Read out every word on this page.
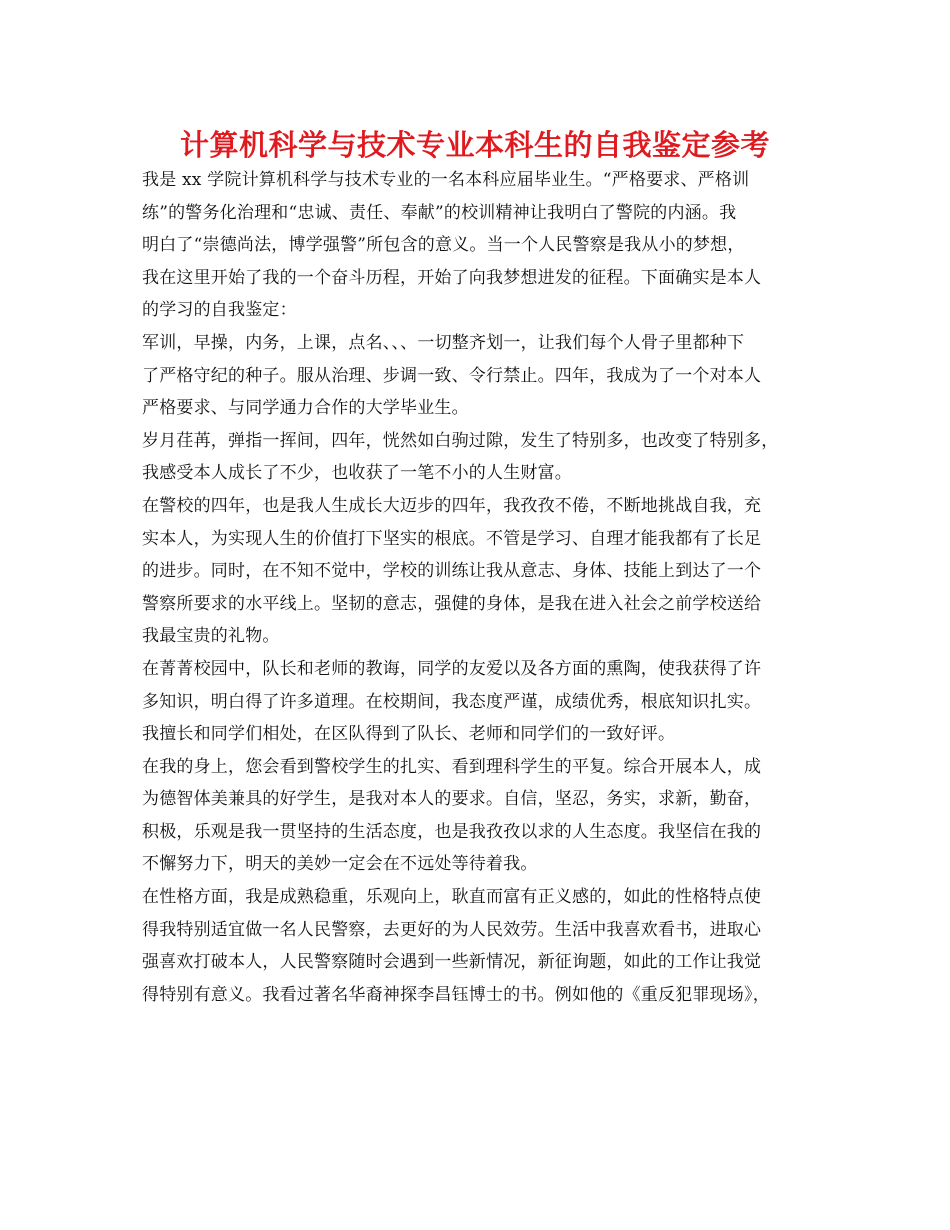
计算机科学与技术专业本科生的自我鉴定参考
我是 xx 学院计算机科学与技术专业的一名本科应届毕业生。“严格要求、严格训
练”的警务化治理和“忠诚、责任、奉献”的校训精神让我明白了警院的内涵。我
明白了“崇德尚法，博学强警”所包含的意义。当一个人民警察是我从小的梦想，
我在这里开始了我的一个奋斗历程，开始了向我梦想进发的征程。下面确实是本人
的学习的自我鉴定：
军训，早操，内务，上课，点名、、、一切整齐划一，让我们每个人骨子里都种下
了严格守纪的种子。服从治理、步调一致、令行禁止。四年，我成为了一个对本人
严格要求、与同学通力合作的大学毕业生。
岁月荏苒，弹指一挥间，四年，恍然如白驹过隙，发生了特别多，也改变了特别多，
我感受本人成长了不少，也收获了一笔不小的人生财富。
在警校的四年，也是我人生成长大迈步的四年，我孜孜不倦，不断地挑战自我，充
实本人，为实现人生的价值打下坚实的根底。不管是学习、自理才能我都有了长足
的进步。同时，在不知不觉中，学校的训练让我从意志、身体、技能上到达了一个
警察所要求的水平线上。坚韧的意志，强健的身体，是我在进入社会之前学校送给
我最宝贵的礼物。
在菁菁校园中，队长和老师的教诲，同学的友爱以及各方面的熏陶，使我获得了许
多知识，明白得了许多道理。在校期间，我态度严谨，成绩优秀，根底知识扎实。
我擅长和同学们相处，在区队得到了队长、老师和同学们的一致好评。
在我的身上，您会看到警校学生的扎实、看到理科学生的平复。综合开展本人，成
为德智体美兼具的好学生，是我对本人的要求。自信，坚忍，务实，求新，勤奋，
积极，乐观是我一贯坚持的生活态度，也是我孜孜以求的人生态度。我坚信在我的
不懈努力下，明天的美妙一定会在不远处等待着我。
在性格方面，我是成熟稳重，乐观向上，耿直而富有正义感的，如此的性格特点使
得我特别适宜做一名人民警察，去更好的为人民效劳。生活中我喜欢看书，进取心
强喜欢打破本人，人民警察随时会遇到一些新情况，新征询题，如此的工作让我觉
得特别有意义。我看过著名华裔神探李昌钰博士的书。例如他的《重反犯罪现场》，
